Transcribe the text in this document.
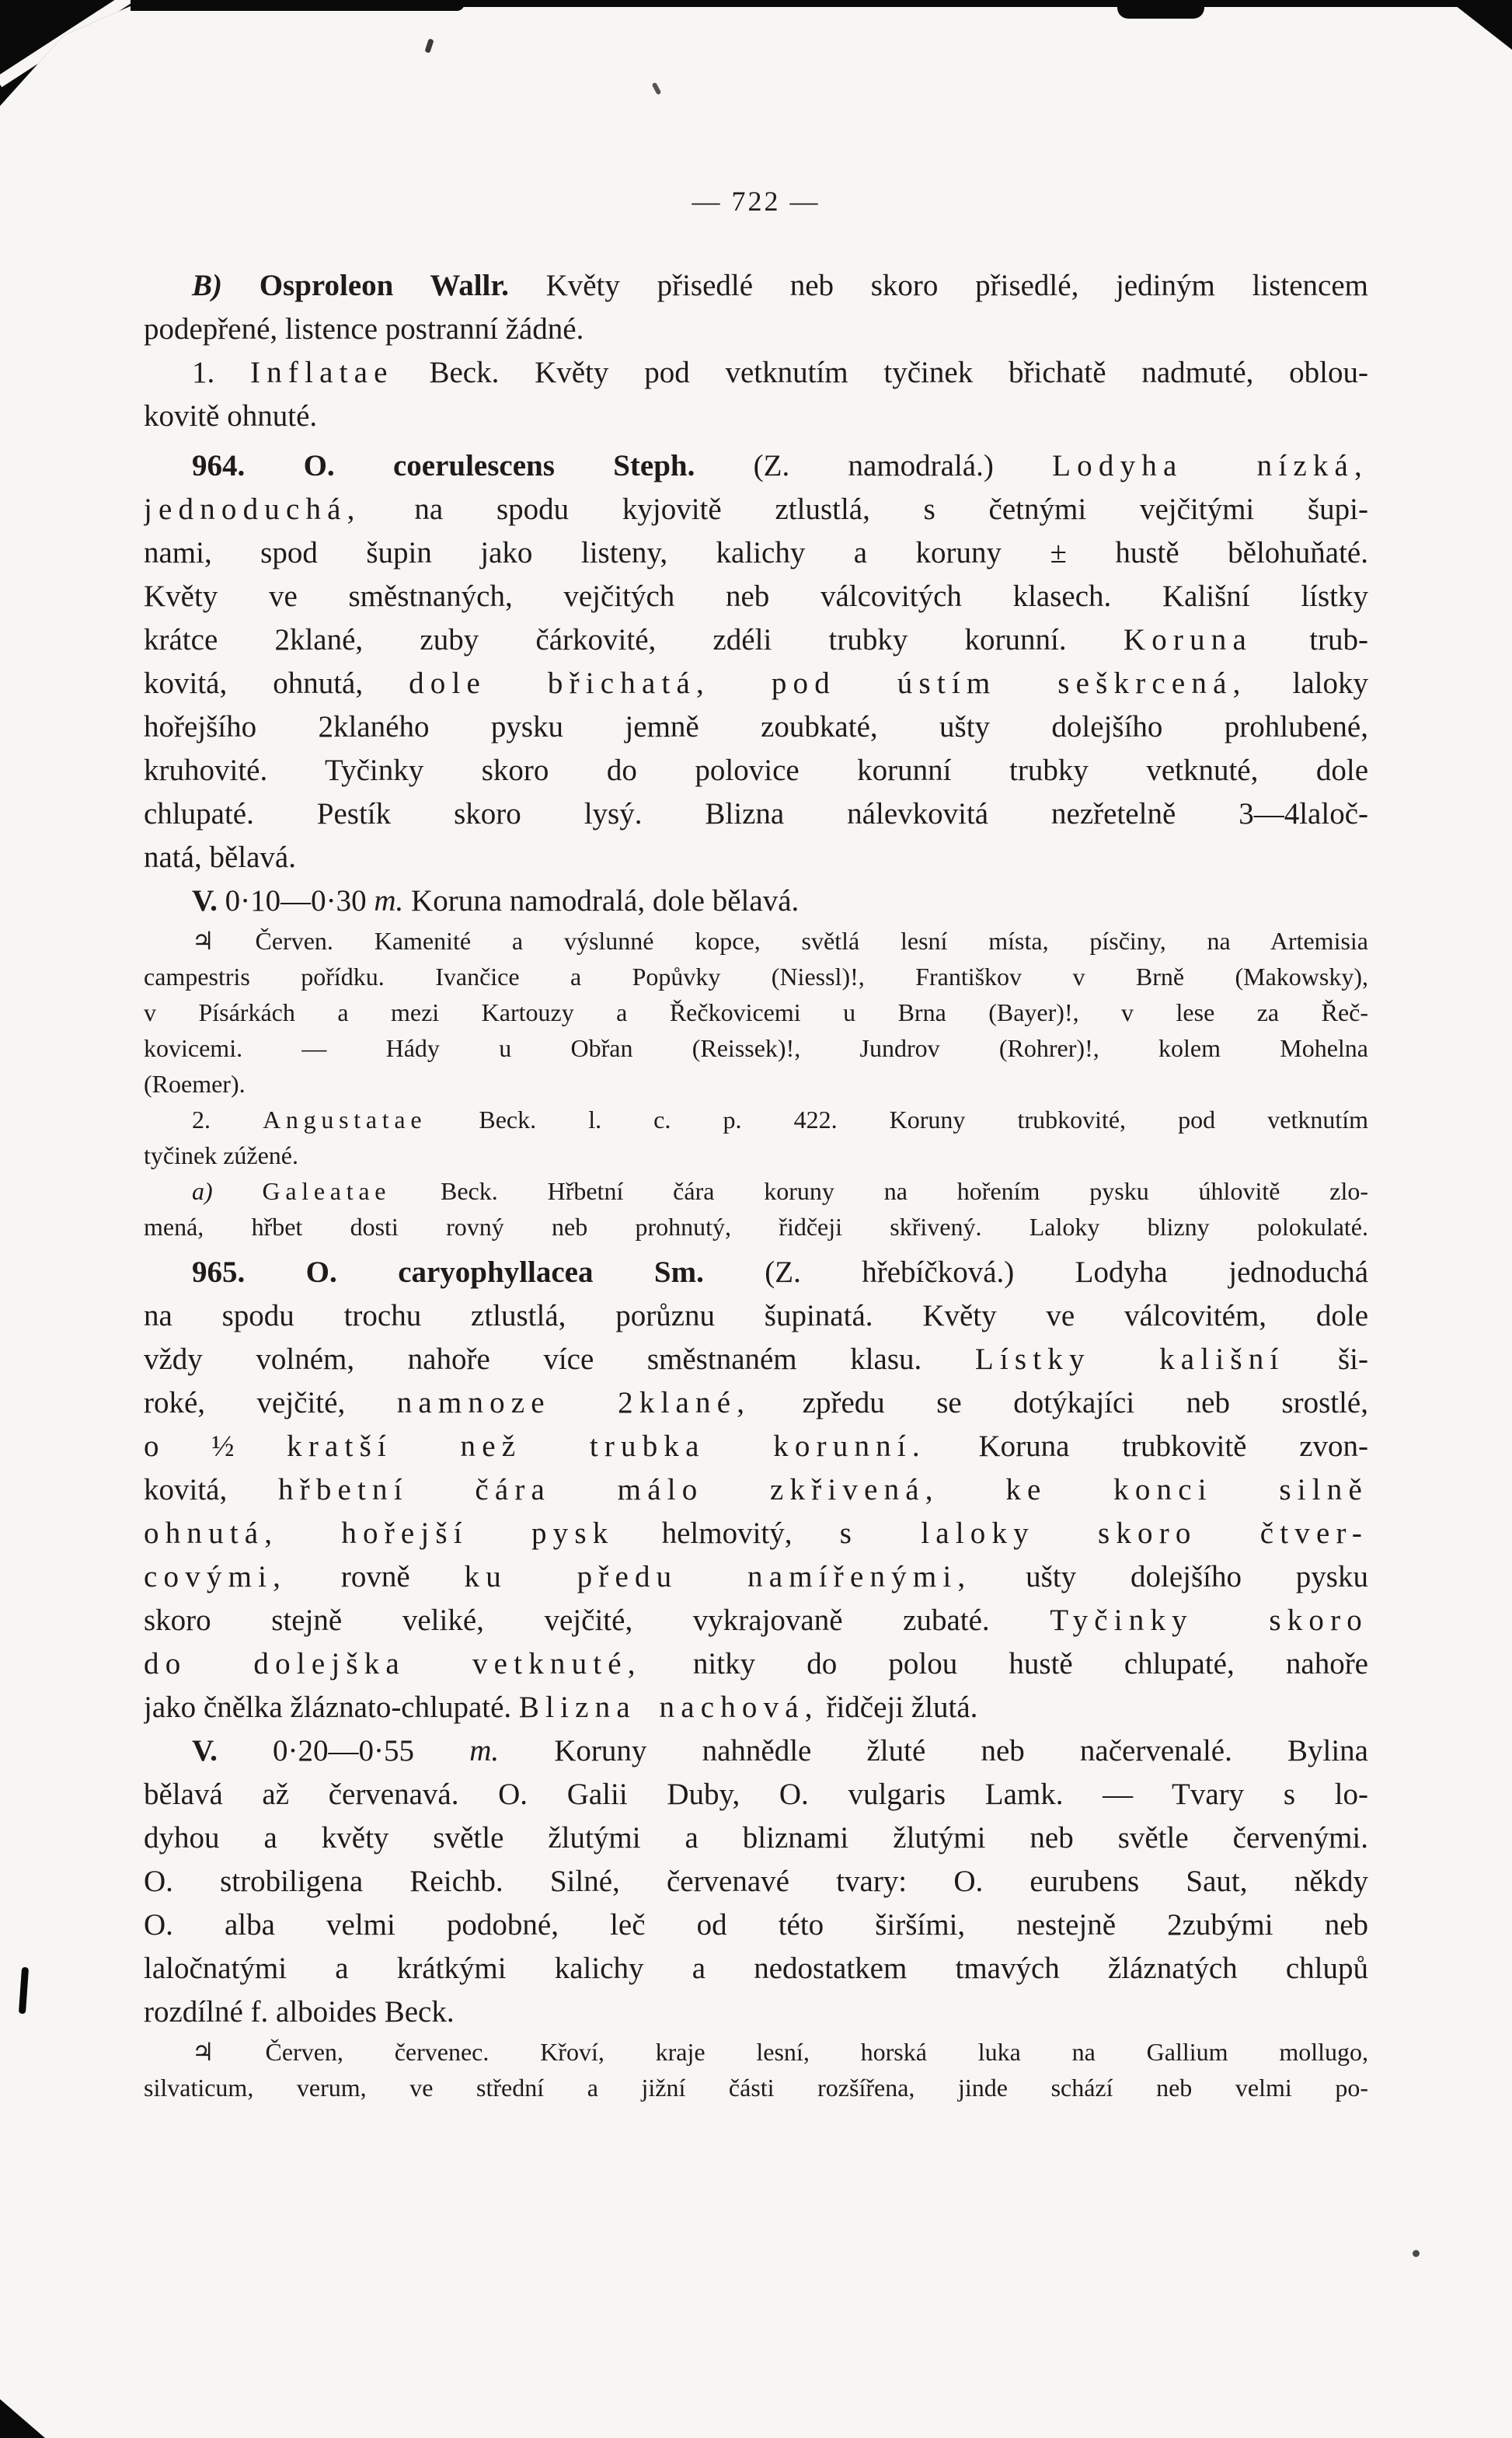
— 722 —
B) Osproleon Wallr. Květy přisedlé neb skoro přisedlé, jediným listencem
podepřené, listence postranní žádné.
1. Inflatae Beck. Květy pod vetknutím tyčinek břichatě nadmuté, oblou-
kovitě ohnuté.
964. O. coerulescens Steph. (Z. namodralá.) Lodyha nízká,
jednoduchá, na spodu kyjovitě ztlustlá, s četnými vejčitými šupi-
nami, spod šupin jako listeny, kalichy a koruny ± hustě bělohuňaté.
Květy ve směstnaných, vejčitých neb válcovitých klasech. Kališní lístky
krátce 2klané, zuby čárkovité, zdéli trubky korunní. Koruna trub-
kovitá, ohnutá, dole břichatá, pod ústím seškrcená, laloky
hořejšího 2klaného pysku jemně zoubkaté, ušty dolejšího prohlubené,
kruhovité. Tyčinky skoro do polovice korunní trubky vetknuté, dole
chlupaté. Pestík skoro lysý. Blizna nálevkovitá nezřetelně 3—4laloč-
natá, bělavá.
V. 0·10—0·30 m. Koruna namodralá, dole bělavá.
♃ Červen. Kamenité a výslunné kopce, světlá lesní místa, písčiny, na Artemisia
campestris pořídku. Ivančice a Popůvky (Niessl)!, Františkov v Brně (Makowsky),
v Písárkách a mezi Kartouzy a Řečkovicemi u Brna (Bayer)!, v lese za Řeč-
kovicemi. — Hády u Obřan (Reissek)!, Jundrov (Rohrer)!, kolem Mohelna
(Roemer).
2. Angustatae Beck. l. c. p. 422. Koruny trubkovité, pod vetknutím
tyčinek zúžené.
a) Galeatae Beck. Hřbetní čára koruny na hořením pysku úhlovitě zlo-
mená, hřbet dosti rovný neb prohnutý, řidčeji skřivený. Laloky blizny polokulaté.
965. O. caryophyllacea Sm. (Z. hřebíčková.) Lodyha jednoduchá
na spodu trochu ztlustlá, porůznu šupinatá. Květy ve válcovitém, dole
vždy volném, nahoře více směstnaném klasu. Lístky kališní ši-
roké, vejčité, namnoze 2klané, zpředu se dotýkajíci neb srostlé,
o ½ kratší než trubka korunní. Koruna trubkovitě zvon-
kovitá, hřbetní čára málo zkřivená, ke konci silně
ohnutá, hořejší pysk helmovitý, s laloky skoro čtver-
covými, rovně ku předu namířenými, ušty dolejšího pysku
skoro stejně veliké, vejčité, vykrajovaně zubaté. Tyčinky skoro
do dolejška vetknuté, nitky do polou hustě chlupaté, nahoře
jako čnělka žláznato-chlupaté. Blizna nachová, řidčeji žlutá.
V. 0·20—0·55 m. Koruny nahnědle žluté neb načervenalé. Bylina
bělavá až červenavá. O. Galii Duby, O. vulgaris Lamk. — Tvary s lo-
dyhou a květy světle žlutými a bliznami žlutými neb světle červenými.
O. strobiligena Reichb. Silné, červenavé tvary: O. eurubens Saut, někdy
O. alba velmi podobné, leč od této širšími, nestejně 2zubými neb
laločnatými a krátkými kalichy a nedostatkem tmavých žláznatých chlupů
rozdílné f. alboides Beck.
♃ Červen, červenec. Křoví, kraje lesní, horská luka na Gallium mollugo,
silvaticum, verum, ve střední a jižní části rozšířena, jinde schází neb velmi po-
